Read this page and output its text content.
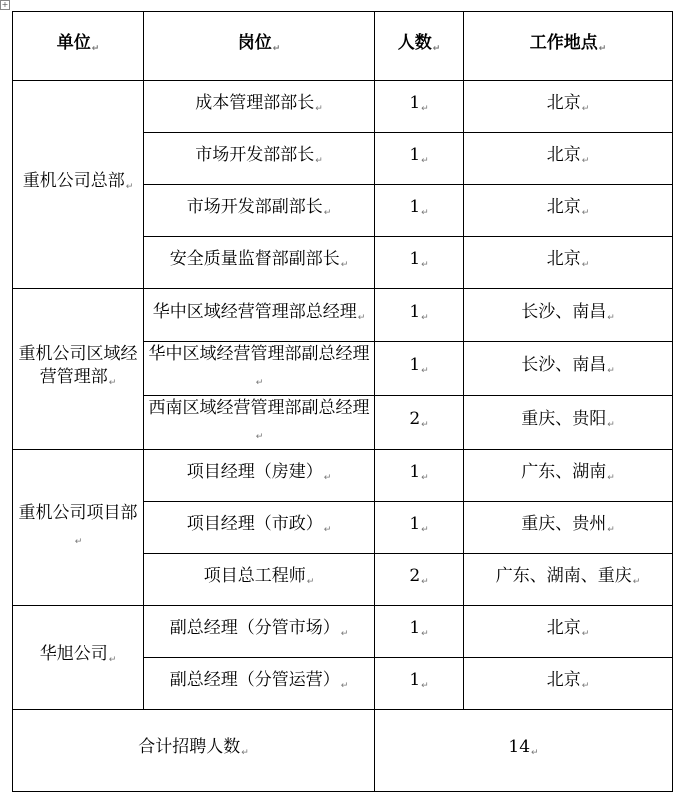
+
单位 ↵	岗位 ↵	人数 ↵	工作地点 ↵
重机公司总部 ↵	成本管理部部长 ↵	1 ↵	北京 ↵
	市场开发部部长 ↵	1 ↵	北京 ↵
	市场开发部副部长 ↵	1 ↵	北京 ↵
	安全质量监督部副部长 ↵	1 ↵	北京 ↵
重机公司区域经营管理部 ↵	华中区域经营管理部总经理 ↵	1 ↵	长沙、南昌 ↵
	华中区域经营管理部副总经理 ↵	1 ↵	长沙、南昌 ↵
	西南区域经营管理部副总经理 ↵	2 ↵	重庆、贵阳 ↵
重机公司项目部 ↵	项目经理（房建） ↵	1 ↵	广东、湖南 ↵
	项目经理（市政） ↵	1 ↵	重庆、贵州 ↵
	项目总工程师 ↵	2 ↵	广东、湖南、重庆 ↵
华旭公司 ↵	副总经理（分管市场） ↵	1 ↵	北京 ↵
	副总经理（分管运营） ↵	1 ↵	北京 ↵
合计招聘人数 ↵		14 ↵
